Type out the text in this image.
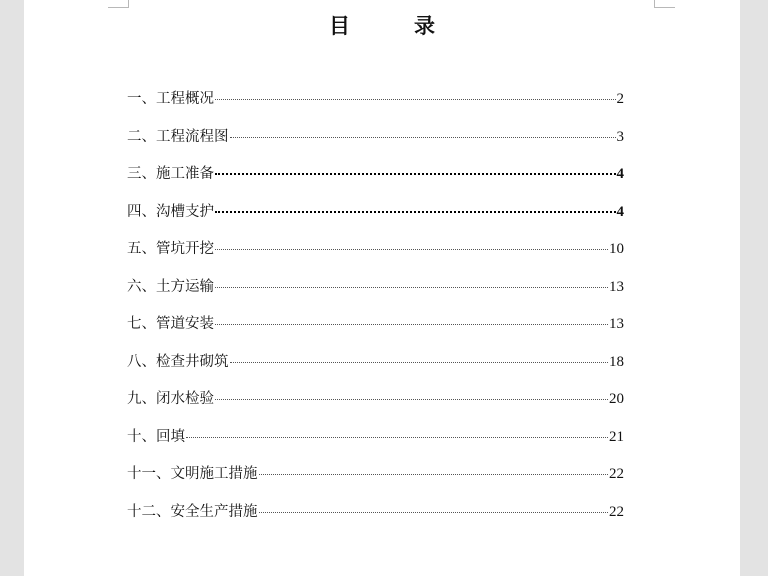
目	录
一、工程概况	2
二、工程流程图	3
三、施工准备	4
四、沟槽支护	4
五、管坑开挖	10
六、土方运输	13
七、管道安装	13
八、检查井砌筑	18
九、闭水检验	20
十、回填	21
十一、文明施工措施	22
十二、安全生产措施	22
